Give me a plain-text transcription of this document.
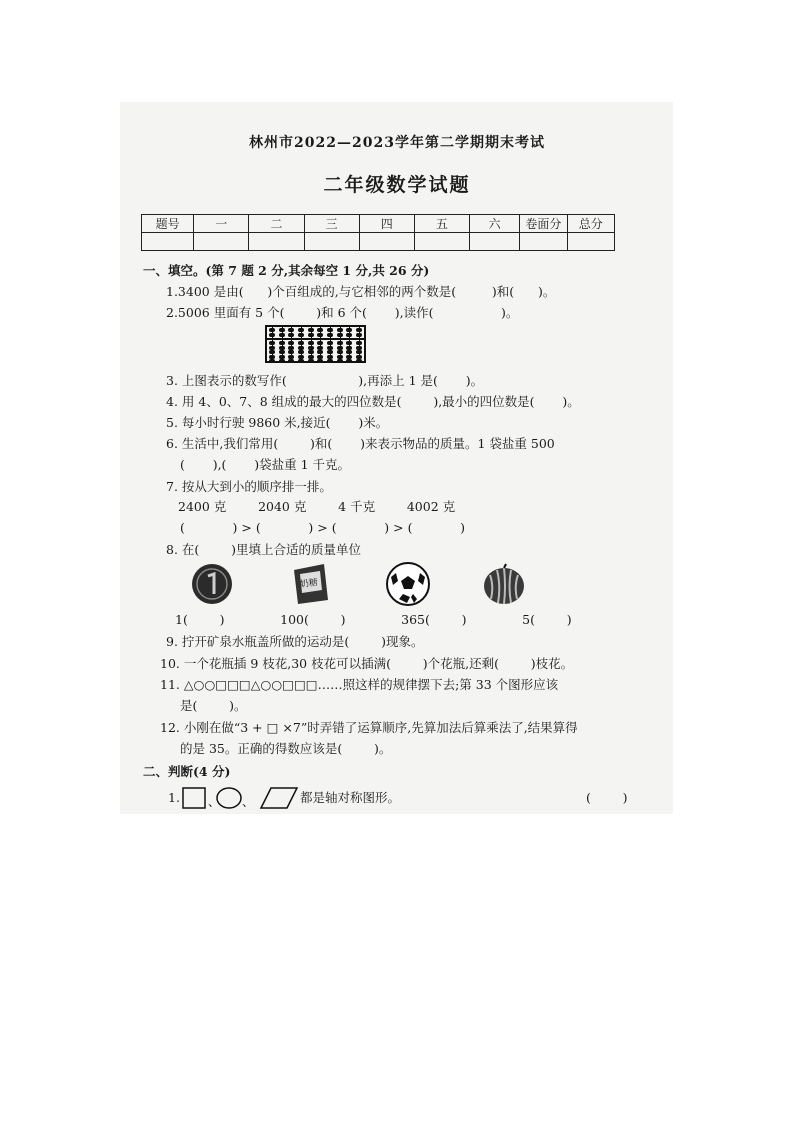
林州市2022—2023学年第二学期期末考试
二年级数学试题
题号	一	二	三	四	五	六	卷面分	总分

一、填空。(第 7 题 2 分,其余每空 1 分,共 26 分)
1.3400 是由(      )个百组成的,与它相邻的两个数是(         )和(      )。
2.5006 里面有 5 个(        )和 6 个(       ),读作(                 )。
3. 上图表示的数写作(                  ),再添上 1 是(       )。
4. 用 4、0、7、8 组成的最大的四位数是(        ),最小的四位数是(       )。
5. 每小时行驶 9860 米,接近(       )米。
6. 生活中,我们常用(        )和(       )来表示物品的质量。1 袋盐重 500
(       ),(       )袋盐重 1 千克。
7. 按从大到小的顺序排一排。
2400 克        2040 克        4 千克        4002 克
(            ) > (            ) > (            ) > (            )
8. 在(        )里填上合适的质量单位
奶糖
1(        )              100(        )              365(        )              5(        )
9. 拧开矿泉水瓶盖所做的运动是(        )现象。
10. 一个花瓶插 9 枝花,30 枝花可以插满(        )个花瓶,还剩(        )枝花。
11. △○○□□□△○○□□□……照这样的规律摆下去;第 33 个图形应该
是(        )。
12. 小刚在做“3 + □ ×7”时弄错了运算顺序,先算加法后算乘法了,结果算得
的是 35。正确的得数应该是(        )。
二、判断(4 分)
1. 、 、	都是轴对称图形。	(        )
